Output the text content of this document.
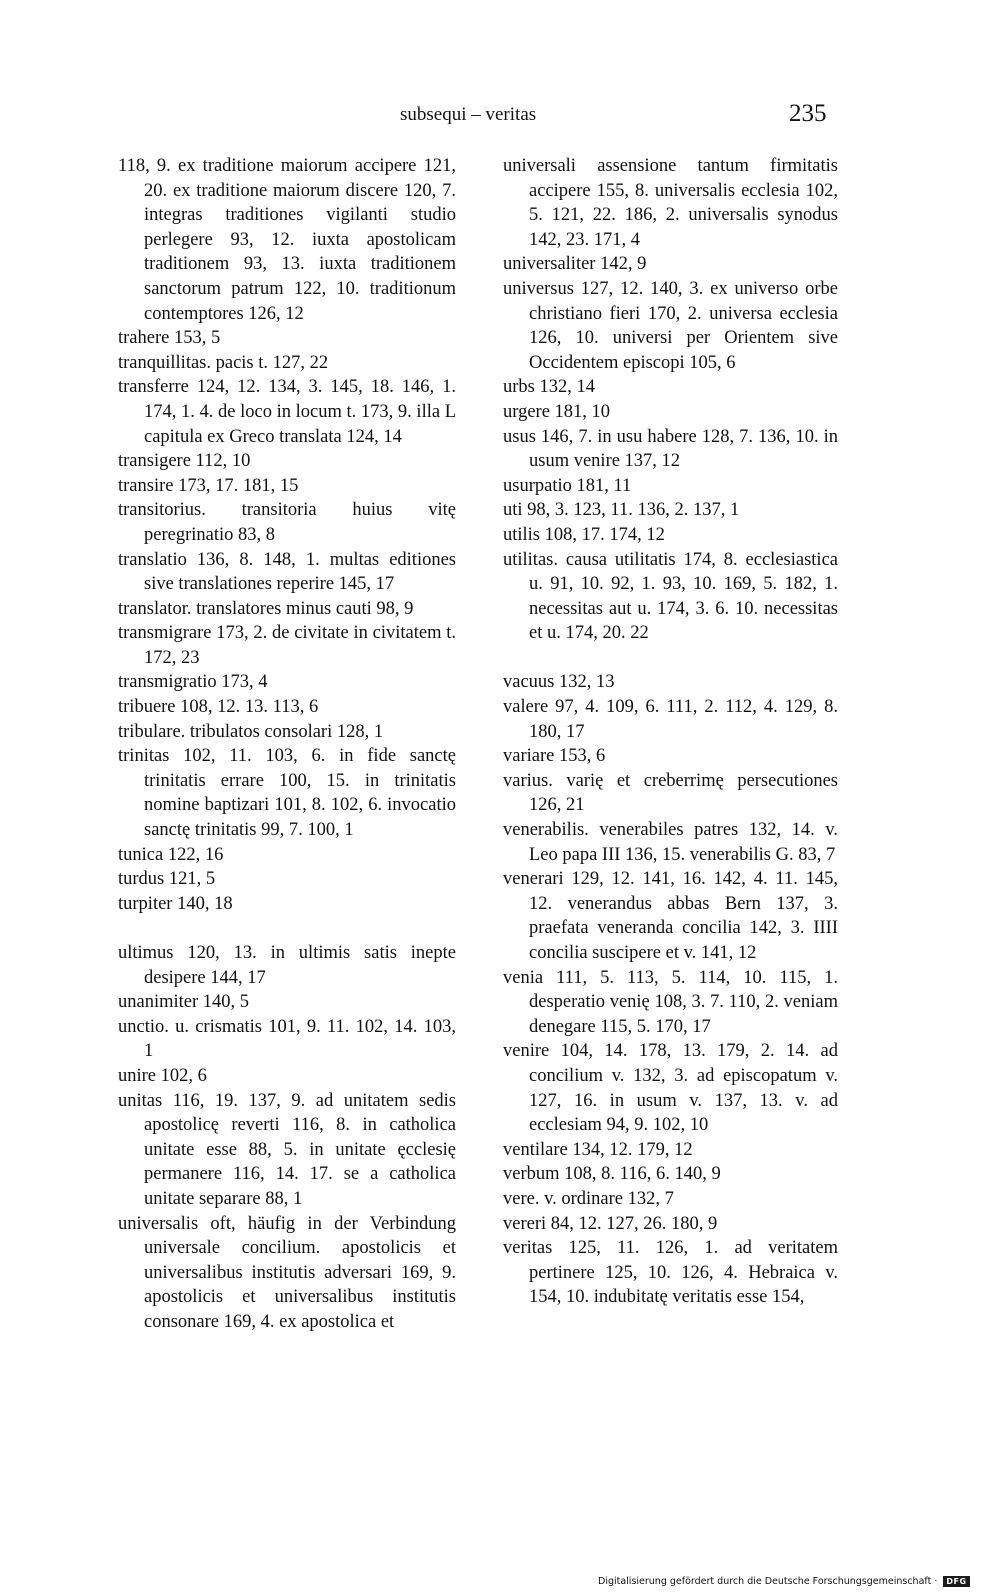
subsequi – veritas	235
118, 9. ex traditione maiorum accipere 121, 20. ex traditione maiorum discere 120, 7. integras traditiones vigilanti studio perlegere 93, 12. iuxta apostolicam traditionem 93, 13. iuxta traditionem sanctorum patrum 122, 10. traditionum contemptores 126, 12
trahere 153, 5
tranquillitas. pacis t. 127, 22
transferre 124, 12. 134, 3. 145, 18. 146, 1. 174, 1. 4. de loco in locum t. 173, 9. illa L capitula ex Greco translata 124, 14
transigere 112, 10
transire 173, 17. 181, 15
transitorius. transitoria huius vitę peregrinatio 83, 8
translatio 136, 8. 148, 1. multas editiones sive translationes reperire 145, 17
translator. translatores minus cauti 98, 9
transmigrare 173, 2. de civitate in civitatem t. 172, 23
transmigratio 173, 4
tribuere 108, 12. 13. 113, 6
tribulare. tribulatos consolari 128, 1
trinitas 102, 11. 103, 6. in fide sanctę trinitatis errare 100, 15. in trinitatis nomine baptizari 101, 8. 102, 6. invocatio sanctę trinitatis 99, 7. 100, 1
tunica 122, 16
turdus 121, 5
turpiter 140, 18
ultimus 120, 13. in ultimis satis inepte desipere 144, 17
unanimiter 140, 5
unctio. u. crismatis 101, 9. 11. 102, 14. 103, 1
unire 102, 6
unitas 116, 19. 137, 9. ad unitatem sedis apostolicę reverti 116, 8. in catholica unitate esse 88, 5. in unitate ęcclesię permanere 116, 14. 17. se a catholica unitate separare 88, 1
universalis oft, häufig in der Verbindung universale concilium. apostolicis et universalibus institutis adversari 169, 9. apostolicis et universalibus institutis consonare 169, 4. ex apostolica et
universali assensione tantum firmitatis accipere 155, 8. universalis ecclesia 102, 5. 121, 22. 186, 2. universalis synodus 142, 23. 171, 4
universaliter 142, 9
universus 127, 12. 140, 3. ex universo orbe christiano fieri 170, 2. universa ecclesia 126, 10. universi per Orientem sive Occidentem episcopi 105, 6
urbs 132, 14
urgere 181, 10
usus 146, 7. in usu habere 128, 7. 136, 10. in usum venire 137, 12
usurpatio 181, 11
uti 98, 3. 123, 11. 136, 2. 137, 1
utilis 108, 17. 174, 12
utilitas. causa utilitatis 174, 8. ecclesiastica u. 91, 10. 92, 1. 93, 10. 169, 5. 182, 1. necessitas aut u. 174, 3. 6. 10. necessitas et u. 174, 20. 22
vacuus 132, 13
valere 97, 4. 109, 6. 111, 2. 112, 4. 129, 8. 180, 17
variare 153, 6
varius. varię et creberrimę persecutiones 126, 21
venerabilis. venerabiles patres 132, 14. v. Leo papa III 136, 15. venerabilis G. 83, 7
venerari 129, 12. 141, 16. 142, 4. 11. 145, 12. venerandus abbas Bern 137, 3. praefata veneranda concilia 142, 3. IIII concilia suscipere et v. 141, 12
venia 111, 5. 113, 5. 114, 10. 115, 1. desperatio venię 108, 3. 7. 110, 2. veniam denegare 115, 5. 170, 17
venire 104, 14. 178, 13. 179, 2. 14. ad concilium v. 132, 3. ad episcopatum v. 127, 16. in usum v. 137, 13. v. ad ecclesiam 94, 9. 102, 10
ventilare 134, 12. 179, 12
verbum 108, 8. 116, 6. 140, 9
vere. v. ordinare 132, 7
vereri 84, 12. 127, 26. 180, 9
veritas 125, 11. 126, 1. ad veritatem pertinere 125, 10. 126, 4. Hebraica v. 154, 10. indubitatę veritatis esse 154,
Digitalisierung gefördert durch die Deutsche Forschungsgemeinschaft · DFG
